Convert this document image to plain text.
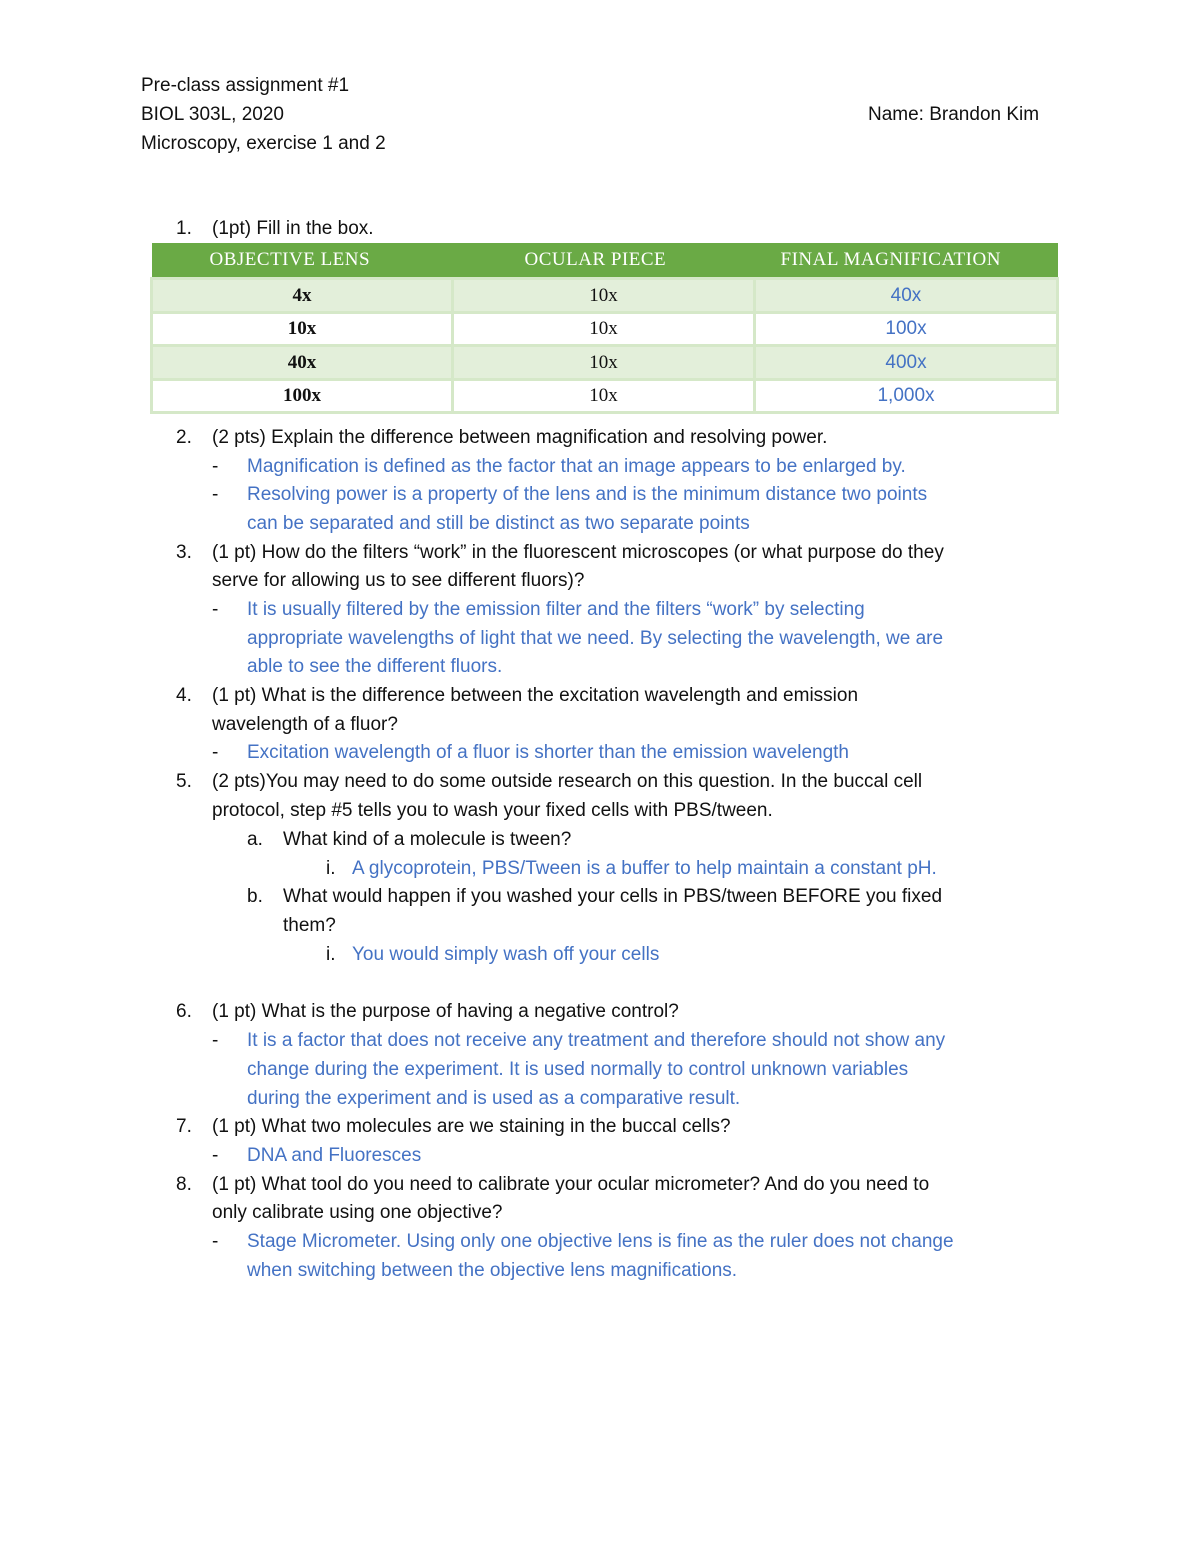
Pre-class assignment #1
BIOL 303L, 2020
Microscopy, exercise 1 and 2
Name: Brandon Kim
1. (1pt) Fill in the box.
OBJECTIVE LENS	OCULAR PIECE	FINAL MAGNIFICATION
4x	10x	40x
10x	10x	100x
40x	10x	400x
100x	10x	1,000x
2. (2 pts) Explain the difference between magnification and resolving power.
- Magnification is defined as the factor that an image appears to be enlarged by.
- Resolving power is a property of the lens and is the minimum distance two points
can be separated and still be distinct as two separate points
3. (1 pt) How do the filters “work” in the fluorescent microscopes (or what purpose do they
serve for allowing us to see different fluors)?
- It is usually filtered by the emission filter and the filters “work” by selecting
appropriate wavelengths of light that we need. By selecting the wavelength, we are
able to see the different fluors.
4. (1 pt) What is the difference between the excitation wavelength and emission
wavelength of a fluor?
- Excitation wavelength of a fluor is shorter than the emission wavelength
5. (2 pts)You may need to do some outside research on this question. In the buccal cell
protocol, step #5 tells you to wash your fixed cells with PBS/tween.
a. What kind of a molecule is tween?
i. A glycoprotein, PBS/Tween is a buffer to help maintain a constant pH.
b. What would happen if you washed your cells in PBS/tween BEFORE you fixed
them?
i. You would simply wash off your cells
6. (1 pt) What is the purpose of having a negative control?
- It is a factor that does not receive any treatment and therefore should not show any
change during the experiment. It is used normally to control unknown variables
during the experiment and is used as a comparative result.
7. (1 pt) What two molecules are we staining in the buccal cells?
- DNA and Fluoresces
8. (1 pt) What tool do you need to calibrate your ocular micrometer? And do you need to
only calibrate using one objective?
- Stage Micrometer. Using only one objective lens is fine as the ruler does not change
when switching between the objective lens magnifications.
